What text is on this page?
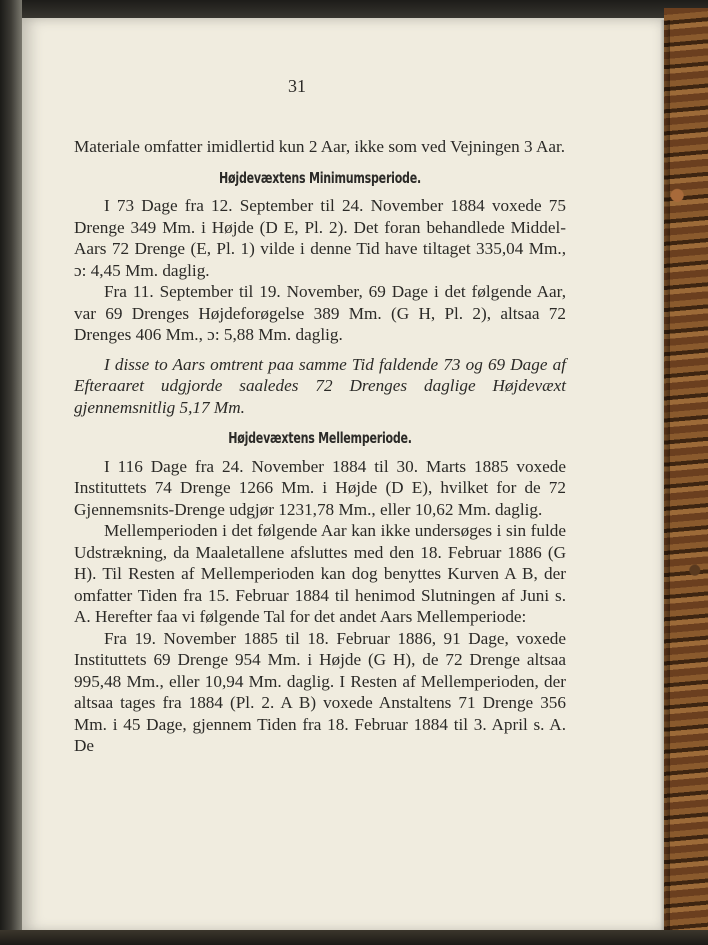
31

Materiale omfatter imidlertid kun 2 Aar, ikke som ved Vejningen 3 Aar.

Højdevæxtens Minimumsperiode.

I 73 Dage fra 12. September til 24. November 1884 voxede 75 Drenge 349 Mm. i Højde (D E, Pl. 2). Det foran behandlede Middel-Aars 72 Drenge (E, Pl. 1) vilde i denne Tid have tiltaget 335,04 Mm., ɔ: 4,45 Mm. daglig.

Fra 11. September til 19. November, 69 Dage i det følgende Aar, var 69 Drenges Højdeforøgelse 389 Mm. (G H, Pl. 2), altsaa 72 Drenges 406 Mm., ɔ: 5,88 Mm. daglig.

I disse to Aars omtrent paa samme Tid faldende 73 og 69 Dage af Efteraaret udgjorde saaledes 72 Drenges daglige Højdevæxt gjennemsnitlig 5,17 Mm.

Højdevæxtens Mellemperiode.

I 116 Dage fra 24. November 1884 til 30. Marts 1885 voxede Instituttets 74 Drenge 1266 Mm. i Højde (D E), hvilket for de 72 Gjennemsnits-Drenge udgjør 1231,78 Mm., eller 10,62 Mm. daglig.

Mellemperioden i det følgende Aar kan ikke undersøges i sin fulde Udstrækning, da Maaletallene afsluttes med den 18. Februar 1886 (G H). Til Resten af Mellemperioden kan dog benyttes Kurven A B, der omfatter Tiden fra 15. Februar 1884 til henimod Slutningen af Juni s. A. Herefter faa vi følgende Tal for det andet Aars Mellemperiode:

Fra 19. November 1885 til 18. Februar 1886, 91 Dage, voxede Instituttets 69 Drenge 954 Mm. i Højde (G H), de 72 Drenge altsaa 995,48 Mm., eller 10,94 Mm. daglig. I Resten af Mellemperioden, der altsaa tages fra 1884 (Pl. 2. A B) voxede Anstaltens 71 Drenge 356 Mm. i 45 Dage, gjennem Tiden fra 18. Februar 1884 til 3. April s. A. De
